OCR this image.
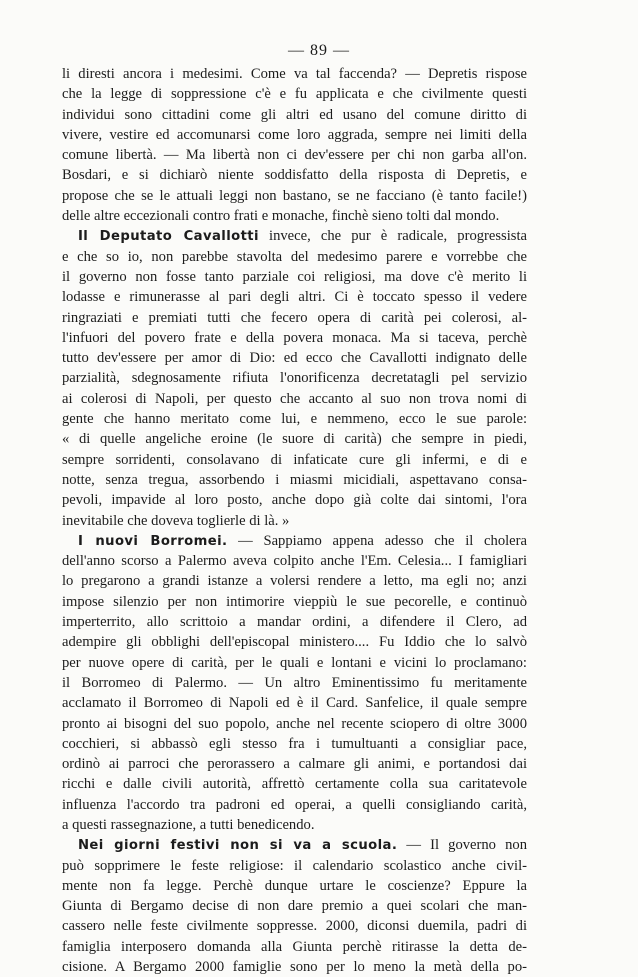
— 89 —
li diresti ancora i medesimi. Come va tal faccenda? — Depretis rispose
che la legge di soppressione c'è e fu applicata e che civilmente questi
individui sono cittadini come gli altri ed usano del comune diritto di
vivere, vestire ed accomunarsi come loro aggrada, sempre nei limiti della
comune libertà. — Ma libertà non ci dev'essere per chi non garba all'on.
Bosdari, e si dichiarò niente soddisfatto della risposta di Depretis, e
propose che se le attuali leggi non bastano, se ne facciano (è tanto facile!)
delle altre eccezionali contro frati e monache, finchè sieno tolti dal mondo.
Il Deputato Cavallotti invece, che pur è radicale, progressista
e che so io, non parebbe stavolta del medesimo parere e vorrebbe che
il governo non fosse tanto parziale coi religiosi, ma dove c'è merito li
lodasse e rimunerasse al pari degli altri. Ci è toccato spesso il vedere
ringraziati e premiati tutti che fecero opera di carità pei colerosi, al-
l'infuori del povero frate e della povera monaca. Ma si taceva, perchè
tutto dev'essere per amor di Dio: ed ecco che Cavallotti indignato delle
parzialità, sdegnosamente rifiuta l'onorificenza decretatagli pel servizio
ai colerosi di Napoli, per questo che accanto al suo non trova nomi di
gente che hanno meritato come lui, e nemmeno, ecco le sue parole:
« di quelle angeliche eroine (le suore di carità) che sempre in piedi,
sempre sorridenti, consolavano di infaticate cure gli infermi, e di e
notte, senza tregua, assorbendo i miasmi micidiali, aspettavano consa-
pevoli, impavide al loro posto, anche dopo già colte dai sintomi, l'ora
inevitabile che doveva toglierle di là. »
I nuovi Borromei. — Sappiamo appena adesso che il cholera
dell'anno scorso a Palermo aveva colpito anche l'Em. Celesia... I famigliari
lo pregarono a grandi istanze a volersi rendere a letto, ma egli no; anzi
impose silenzio per non intimorire vieppiù le sue pecorelle, e continuò
imperterrito, allo scrittoio a mandar ordini, a difendere il Clero, ad
adempire gli obblighi dell'episcopal ministero.... Fu Iddio che lo salvò
per nuove opere di carità, per le quali e lontani e vicini lo proclamano:
il Borromeo di Palermo. — Un altro Eminentissimo fu meritamente
acclamato il Borromeo di Napoli ed è il Card. Sanfelice, il quale sempre
pronto ai bisogni del suo popolo, anche nel recente sciopero di oltre 3000
cocchieri, si abbassò egli stesso fra i tumultuanti a consigliar pace,
ordinò ai parroci che perorassero a calmare gli animi, e portandosi dai
ricchi e dalle civili autorità, affrettò certamente colla sua caritatevole
influenza l'accordo tra padroni ed operai, a quelli consigliando carità,
a questi rassegnazione, a tutti benedicendo.
Nei giorni festivi non si va a scuola. — Il governo non
può sopprimere le feste religiose: il calendario scolastico anche civil-
mente non fa legge. Perchè dunque urtare le coscienze? Eppure la
Giunta di Bergamo decise di non dare premio a quei scolari che man-
cassero nelle feste civilmente soppresse. 2000, diconsi duemila, padri di
famiglia interposero domanda alla Giunta perchè ritirasse la detta de-
cisione. A Bergamo 2000 famiglie sono per lo meno la metà della po-
